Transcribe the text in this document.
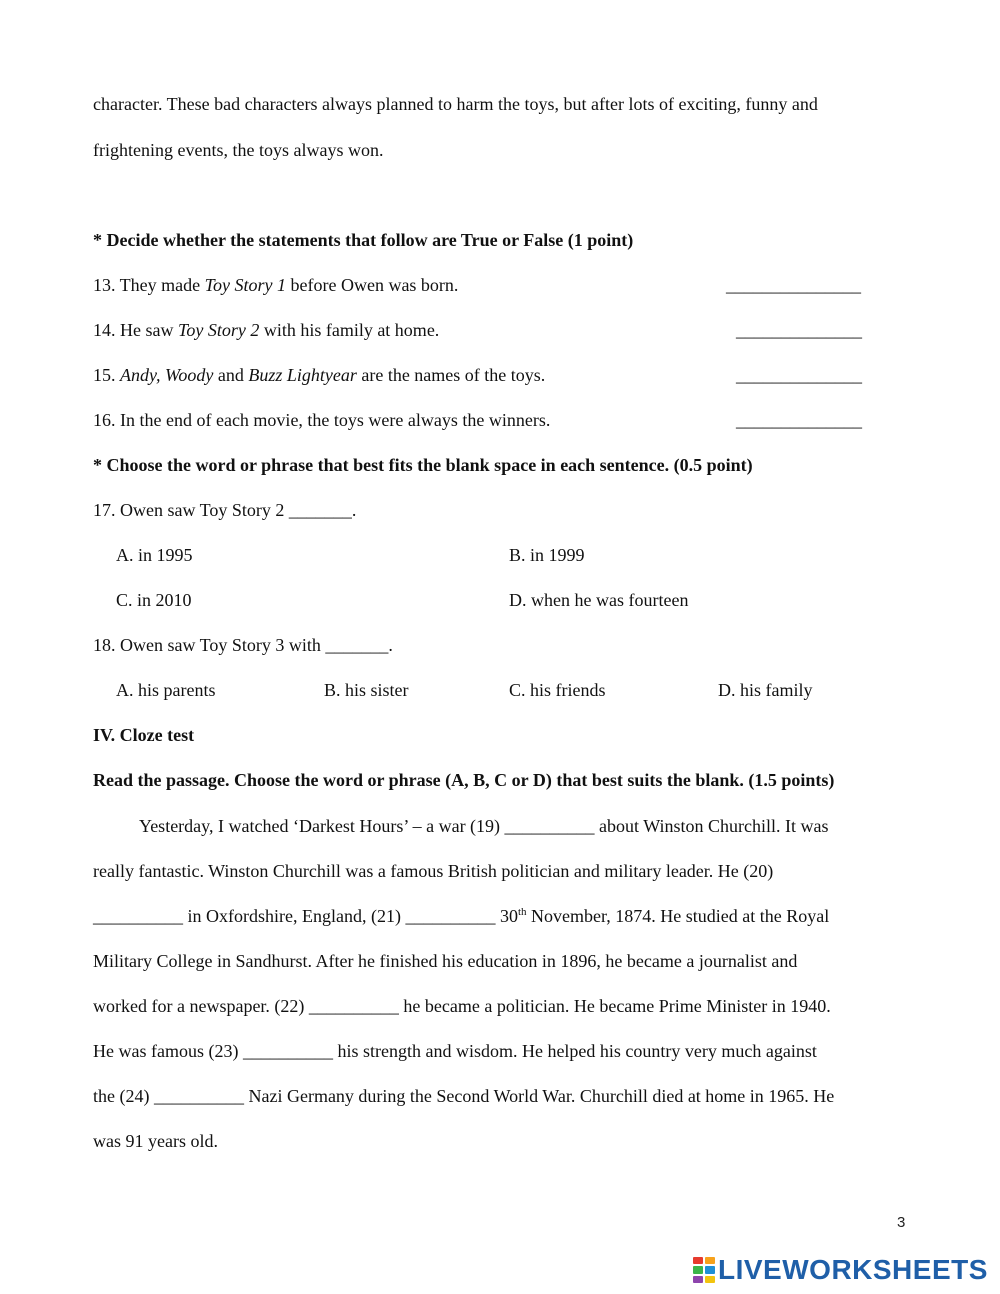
character. These bad characters always planned to harm the toys, but after lots of exciting, funny and
frightening events, the toys always won.
* Decide whether the statements that follow are True or False (1 point)
13. They made Toy Story 1 before Owen was born.	_______________
14. He saw Toy Story 2 with his family at home.	______________
15. Andy, Woody and Buzz Lightyear are the names of the toys.	______________
16. In the end of each movie, the toys were always the winners.	______________
* Choose the word or phrase that best fits the blank space in each sentence. (0.5 point)
17. Owen saw Toy Story 2 _______.
A. in 1995	B. in 1999
C. in 2010	D. when he was fourteen
18. Owen saw Toy Story 3 with _______.
A. his parents	B. his sister	C. his friends	D. his family
IV. Cloze test
Read the passage. Choose the word or phrase (A, B, C or D) that best suits the blank. (1.5 points)
Yesterday, I watched ‘Darkest Hours’ – a war (19) __________ about Winston Churchill. It was
really fantastic. Winston Churchill was a famous British politician and military leader. He (20)
__________ in Oxfordshire, England, (21) __________ 30th November, 1874. He studied at the Royal
Military College in Sandhurst. After he finished his education in 1896, he became a journalist and
worked for a newspaper. (22) __________ he became a politician. He became Prime Minister in 1940.
He was famous (23) __________ his strength and wisdom. He helped his country very much against
the (24) __________ Nazi Germany during the Second World War. Churchill died at home in 1965. He
was 91 years old.
3
LIVEWORKSHEETS
